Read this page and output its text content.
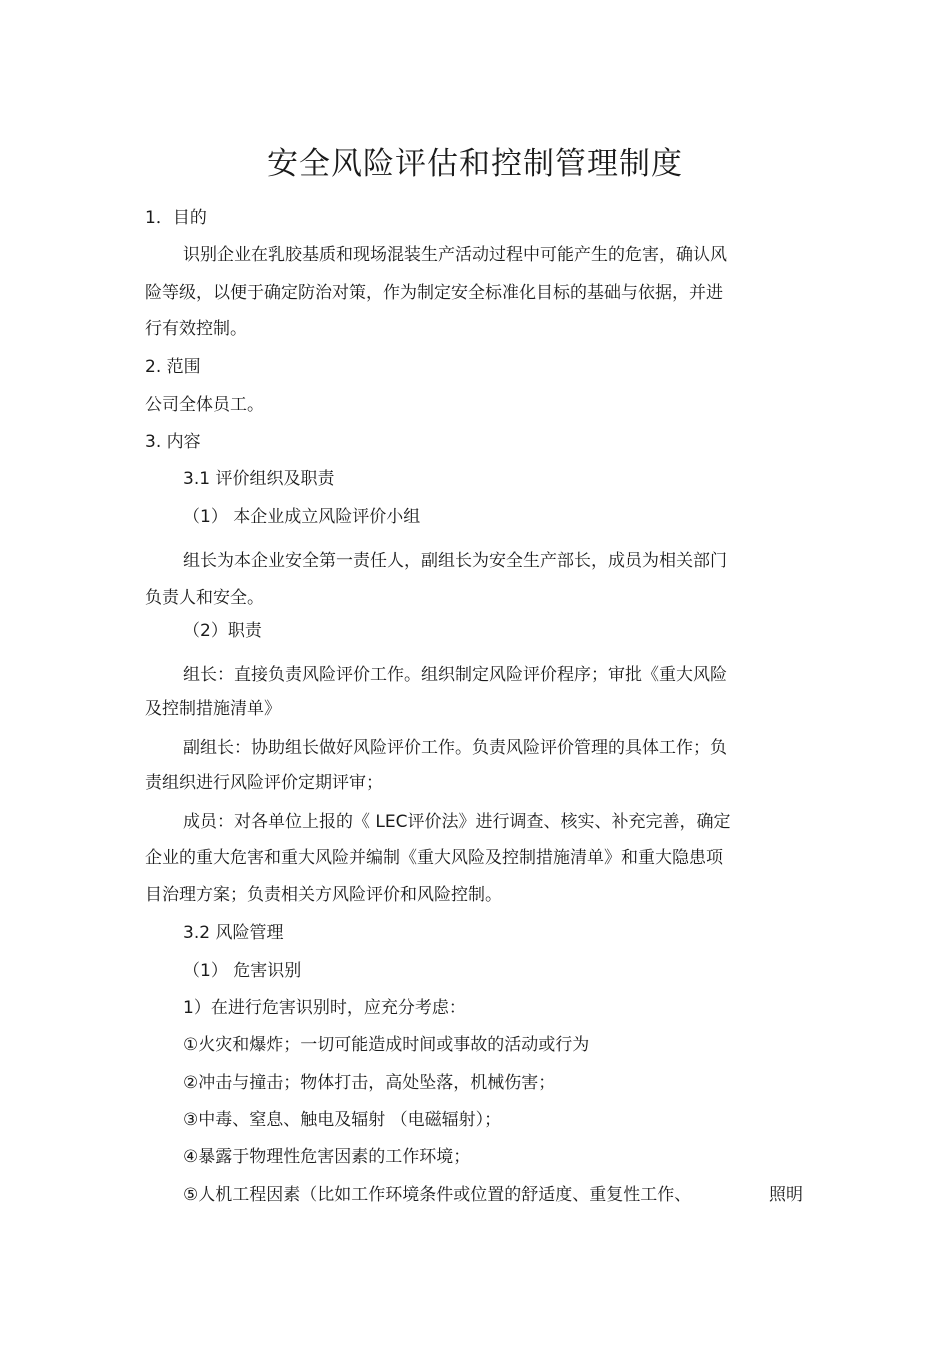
安全风险评估和控制管理制度
1．目的
识别企业在乳胶基质和现场混装生产活动过程中可能产生的危害，确认风
险等级，以便于确定防治对策，作为制定安全标准化目标的基础与依据，并进
行有效控制。
2. 范围
公司全体员工。
3. 内容
3.1 评价组织及职责
（1） 本企业成立风险评价小组
组长为本企业安全第一责任人，副组长为安全生产部长，成员为相关部门
负责人和安全。
（2）职责
组长：直接负责风险评价工作。组织制定风险评价程序；审批《重大风险
及控制措施清单》
副组长：协助组长做好风险评价工作。负责风险评价管理的具体工作；负
责组织进行风险评价定期评审；
成员：对各单位上报的《 LEC评价法》进行调查、核实、补充完善，确定
企业的重大危害和重大风险并编制《重大风险及控制措施清单》和重大隐患项
目治理方案；负责相关方风险评价和风险控制。
3.2 风险管理
（1） 危害识别
1）在进行危害识别时，应充分考虑：
①火灾和爆炸；一切可能造成时间或事故的活动或行为
②冲击与撞击；物体打击，高处坠落，机械伤害；
③中毒、窒息、触电及辐射 （电磁辐射）；
④暴露于物理性危害因素的工作环境；
⑤人机工程因素（比如工作环境条件或位置的舒适度、重复性工作、	照明
